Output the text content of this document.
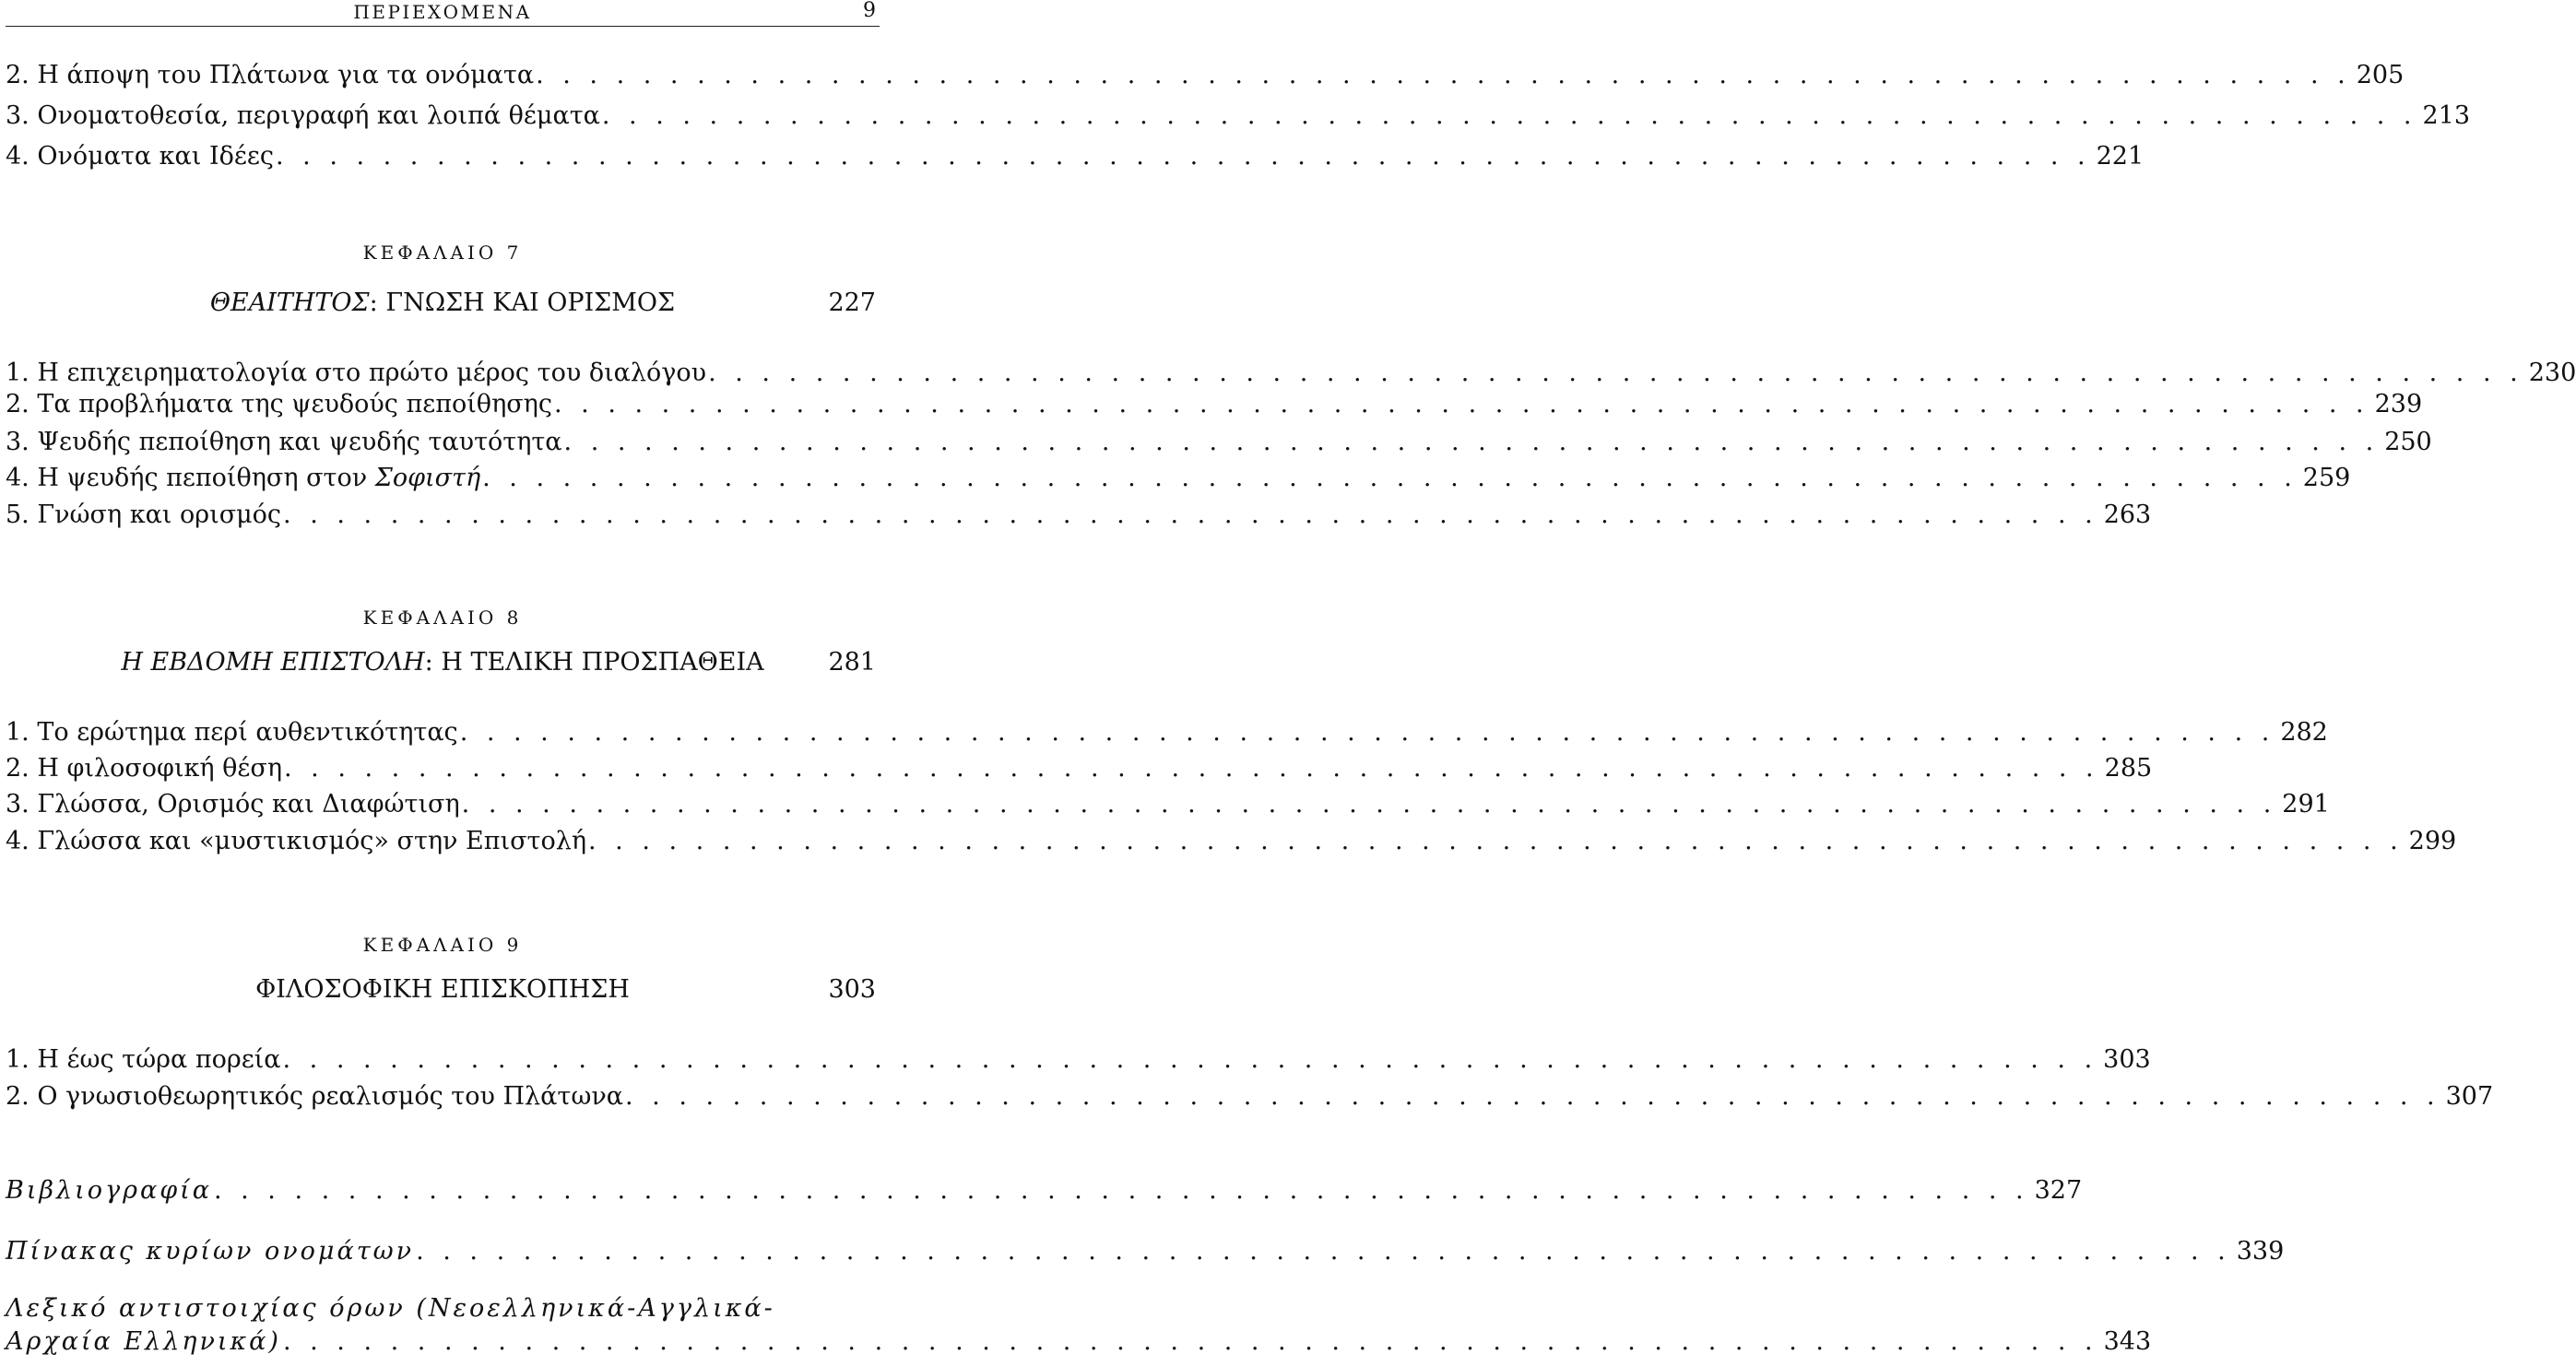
ΠΕΡΙΕΧΟΜΕΝΑ	9
2. Η άποψη του Πλάτωνα για τα ονόματα . . . . . . . . . . . . . . . . . . . . . . . . . . . . . . . . . . . . . . . . . . . . . . . . . . . . . . . . . . . . . . . . . . . . 205
3. Ονοματοθεσία, περιγραφή και λοιπά θέματα . . . . . . . . . . . . . . . . . . . . . . . . . . . . . . . . . . . . . . . . . . . . . . . . . . . . . . . . . . . . . . . . . . . . 213
4. Ονόματα και Ιδέες . . . . . . . . . . . . . . . . . . . . . . . . . . . . . . . . . . . . . . . . . . . . . . . . . . . . . . . . . . . . . . . . . . . . 221
ΚΕΦΑΛΑΙΟ 7
ΘΕΑΙΤΗΤΟΣ: ΓΝΩΣΗ ΚΑΙ ΟΡΙΣΜΟΣ	227
1. Η επιχειρηματολογία στο πρώτο μέρος του διαλόγου . . . . . . . . . . . . . . . . . . . . . . . . . . . . . . . . . . . . . . . . . . . . . . . . . . . . . . . . . . . . . . . . . . . . 230
2. Τα προβλήματα της ψευδούς πεποίθησης . . . . . . . . . . . . . . . . . . . . . . . . . . . . . . . . . . . . . . . . . . . . . . . . . . . . . . . . . . . . . . . . . . . . 239
3. Ψευδής πεποίθηση και ψευδής ταυτότητα . . . . . . . . . . . . . . . . . . . . . . . . . . . . . . . . . . . . . . . . . . . . . . . . . . . . . . . . . . . . . . . . . . . . 250
4. Η ψευδής πεποίθηση στον Σοφιστή . . . . . . . . . . . . . . . . . . . . . . . . . . . . . . . . . . . . . . . . . . . . . . . . . . . . . . . . . . . . . . . . . . . . 259
5. Γνώση και ορισμός . . . . . . . . . . . . . . . . . . . . . . . . . . . . . . . . . . . . . . . . . . . . . . . . . . . . . . . . . . . . . . . . . . . . 263
ΚΕΦΑΛΑΙΟ 8
Η ΕΒΔΟΜΗ ΕΠΙΣΤΟΛΗ: Η ΤΕΛΙΚΗ ΠΡΟΣΠΑΘΕΙΑ	281
1. Το ερώτημα περί αυθεντικότητας . . . . . . . . . . . . . . . . . . . . . . . . . . . . . . . . . . . . . . . . . . . . . . . . . . . . . . . . . . . . . . . . . . . . 282
2. Η φιλοσοφική θέση . . . . . . . . . . . . . . . . . . . . . . . . . . . . . . . . . . . . . . . . . . . . . . . . . . . . . . . . . . . . . . . . . . . . 285
3. Γλώσσα, Ορισμός και Διαφώτιση . . . . . . . . . . . . . . . . . . . . . . . . . . . . . . . . . . . . . . . . . . . . . . . . . . . . . . . . . . . . . . . . . . . . 291
4. Γλώσσα και «μυστικισμός» στην Επιστολή . . . . . . . . . . . . . . . . . . . . . . . . . . . . . . . . . . . . . . . . . . . . . . . . . . . . . . . . . . . . . . . . . . . . 299
ΚΕΦΑΛΑΙΟ 9
ΦΙΛΟΣΟΦΙΚΗ ΕΠΙΣΚΟΠΗΣΗ	303
1. Η έως τώρα πορεία . . . . . . . . . . . . . . . . . . . . . . . . . . . . . . . . . . . . . . . . . . . . . . . . . . . . . . . . . . . . . . . . . . . . 303
2. Ο γνωσιοθεωρητικός ρεαλισμός του Πλάτωνα . . . . . . . . . . . . . . . . . . . . . . . . . . . . . . . . . . . . . . . . . . . . . . . . . . . . . . . . . . . . . . . . . . . . 307
Βιβλιογραφία . . . . . . . . . . . . . . . . . . . . . . . . . . . . . . . . . . . . . . . . . . . . . . . . . . . . . . . . . . . . . . . . . . . . 327
Πίνακας κυρίων ονομάτων . . . . . . . . . . . . . . . . . . . . . . . . . . . . . . . . . . . . . . . . . . . . . . . . . . . . . . . . . . . . . . . . . . . . 339
Λεξικό αντιστοιχίας όρων (Νεοελληνικά-Αγγλικά-
Αρχαία Ελληνικά) . . . . . . . . . . . . . . . . . . . . . . . . . . . . . . . . . . . . . . . . . . . . . . . . . . . . . . . . . . . . . . . . . . . . 343
